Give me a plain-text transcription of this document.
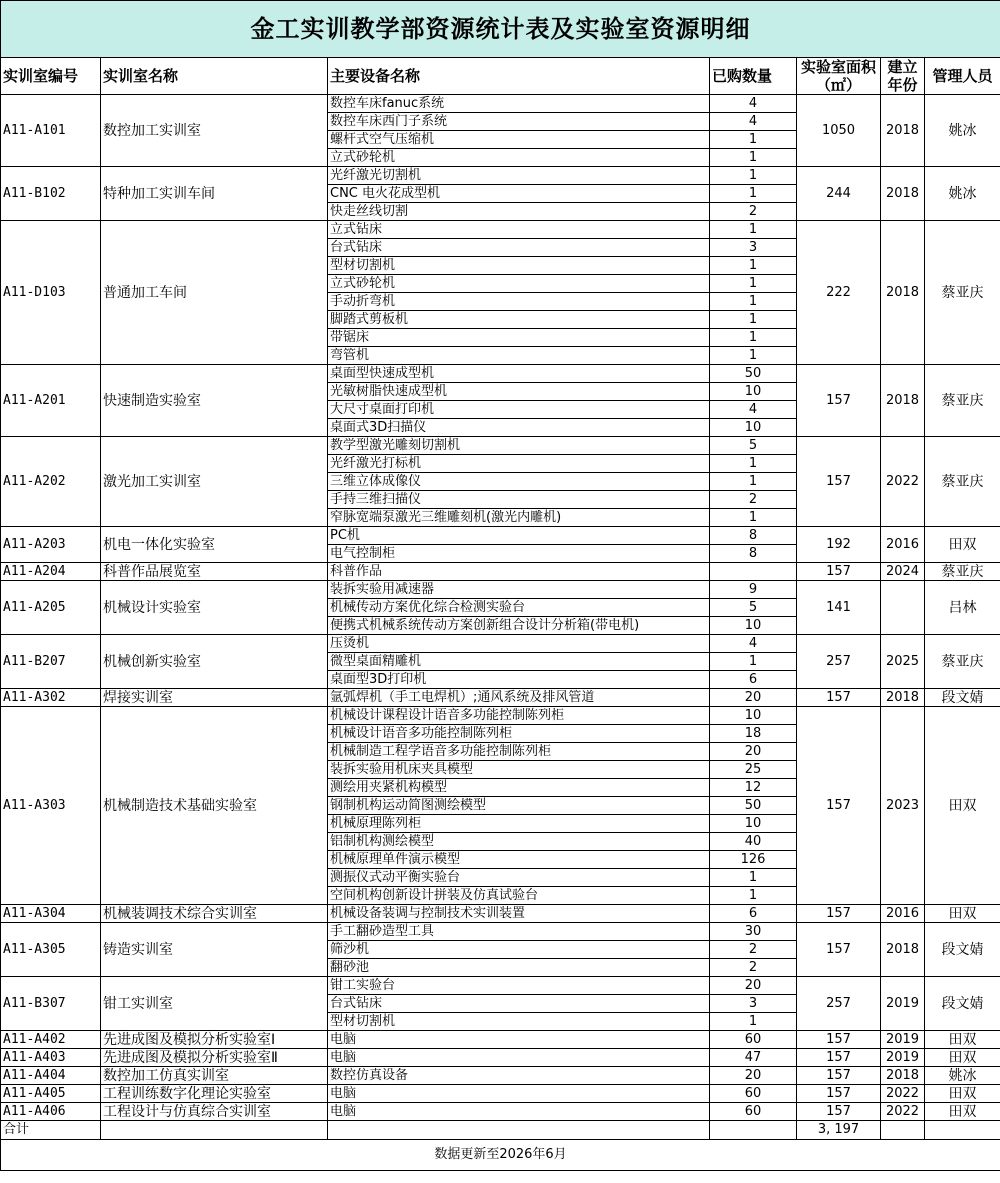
金工实训教学部资源统计表及实验室资源明细						
实训室编号	实训室名称	主要设备名称	已购数量	实验室面积（㎡）	建立年份	管理人员
A11-A101	数控加工实训室	数控车床fanuc系统	4	1050	2018	姚冰
		数控车床西门子系统	4			
		螺杆式空气压缩机	1			
		立式砂轮机	1			
A11-B102	特种加工实训车间	光纤激光切割机	1	244	2018	姚冰
		CNC 电火花成型机	1			
		快走丝线切割	2			
A11-D103	普通加工车间	立式钻床	1	222	2018	蔡亚庆
		台式钻床	3			
		型材切割机	1			
		立式砂轮机	1			
		手动折弯机	1			
		脚踏式剪板机	1			
		带锯床	1			
		弯管机	1			
A11-A201	快速制造实验室	桌面型快速成型机	50	157	2018	蔡亚庆
		光敏树脂快速成型机	10			
		大尺寸桌面打印机	4			
		桌面式3D扫描仪	10			
A11-A202	激光加工实训室	教学型激光雕刻切割机	5	157	2022	蔡亚庆
		光纤激光打标机	1			
		三维立体成像仪	1			
		手持三维扫描仪	2			
		窄脉宽端泵激光三维雕刻机(激光内雕机)	1			
A11-A203	机电一体化实验室	PC机	8	192	2016	田双
		电气控制柜	8			
A11-A204	科普作品展览室	科普作品		157	2024	蔡亚庆
A11-A205	机械设计实验室	装拆实验用减速器	9	141		吕林
		机械传动方案优化综合检测实验台	5			
		便携式机械系统传动方案创新组合设计分析箱(带电机)	10			
A11-B207	机械创新实验室	压烫机	4	257	2025	蔡亚庆
		微型桌面精雕机	1			
		桌面型3D打印机	6			
A11-A302	焊接实训室	氩弧焊机（手工电焊机）;通风系统及排风管道	20	157	2018	段文婧
A11-A303	机械制造技术基础实验室	机械设计课程设计语音多功能控制陈列柜	10	157	2023	田双
		机械设计语音多功能控制陈列柜	18			
		机械制造工程学语音多功能控制陈列柜	20			
		装拆实验用机床夹具模型	25			
		测绘用夹紧机构模型	12			
		钢制机构运动简图测绘模型	50			
		机械原理陈列柜	10			
		铝制机构测绘模型	40			
		机械原理单件演示模型	126			
		测振仪式动平衡实验台	1			
		空间机构创新设计拼装及仿真试验台	1			
A11-A304	机械装调技术综合实训室	机械设备装调与控制技术实训装置	6	157	2016	田双
A11-A305	铸造实训室	手工翻砂造型工具	30	157	2018	段文婧
		筛沙机	2			
		翻砂池	2			
A11-B307	钳工实训室	钳工实验台	20	257	2019	段文婧
		台式钻床	3			
		型材切割机	1			
A11-A402	先进成图及模拟分析实验室Ⅰ	电脑	60	157	2019	田双
A11-A403	先进成图及模拟分析实验室Ⅱ	电脑	47	157	2019	田双
A11-A404	数控加工仿真实训室	数控仿真设备	20	157	2018	姚冰
A11-A405	工程训练数字化理论实验室	电脑	60	157	2022	田双
A11-A406	工程设计与仿真综合实训室	电脑	60	157	2022	田双
合计				3, 197		
数据更新至2026年6月						
